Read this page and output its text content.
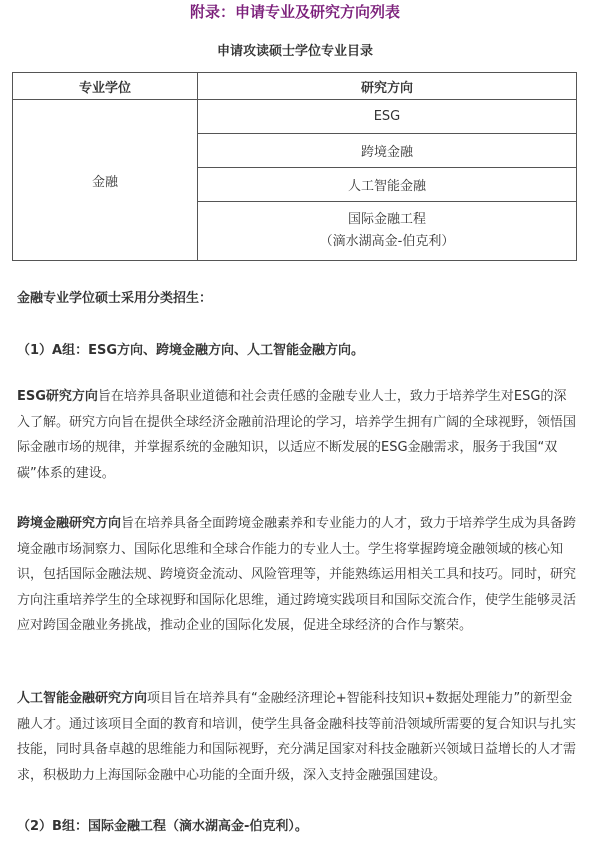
附录：申请专业及研究方向列表
申请攻读硕士学位专业目录
专业学位	研究方向
金融	ESG
	跨境金融
	人工智能金融

	国际金融工程
（滴水湖高金-伯克利）

金融专业学位硕士采用分类招生：

（1）A组：ESG方向、跨境金融方向、人工智能金融方向。

ESG研究方向旨在培养具备职业道德和社会责任感的金融专业人士，致力于培养学生对ESG的深入了解。研究方向旨在提供全球经济金融前沿理论的学习，培养学生拥有广阔的全球视野，领悟国际金融市场的规律，并掌握系统的金融知识，以适应不断发展的ESG金融需求，服务于我国“双碳”体系的建设。

跨境金融研究方向旨在培养具备全面跨境金融素养和专业能力的人才，致力于培养学生成为具备跨境金融市场洞察力、国际化思维和全球合作能力的专业人士。学生将掌握跨境金融领域的核心知识，包括国际金融法规、跨境资金流动、风险管理等，并能熟练运用相关工具和技巧。同时，研究方向注重培养学生的全球视野和国际化思维，通过跨境实践项目和国际交流合作，使学生能够灵活应对跨国金融业务挑战，推动企业的国际化发展，促进全球经济的合作与繁荣。

人工智能金融研究方向项目旨在培养具有“金融经济理论+智能科技知识+数据处理能力”的新型金融人才。通过该项目全面的教育和培训，使学生具备金融科技等前沿领域所需要的复合知识与扎实技能，同时具备卓越的思维能力和国际视野，充分满足国家对科技金融新兴领域日益增长的人才需求，积极助力上海国际金融中心功能的全面升级，深入支持金融强国建设。

（2）B组：国际金融工程（滴水湖高金-伯克利）。
